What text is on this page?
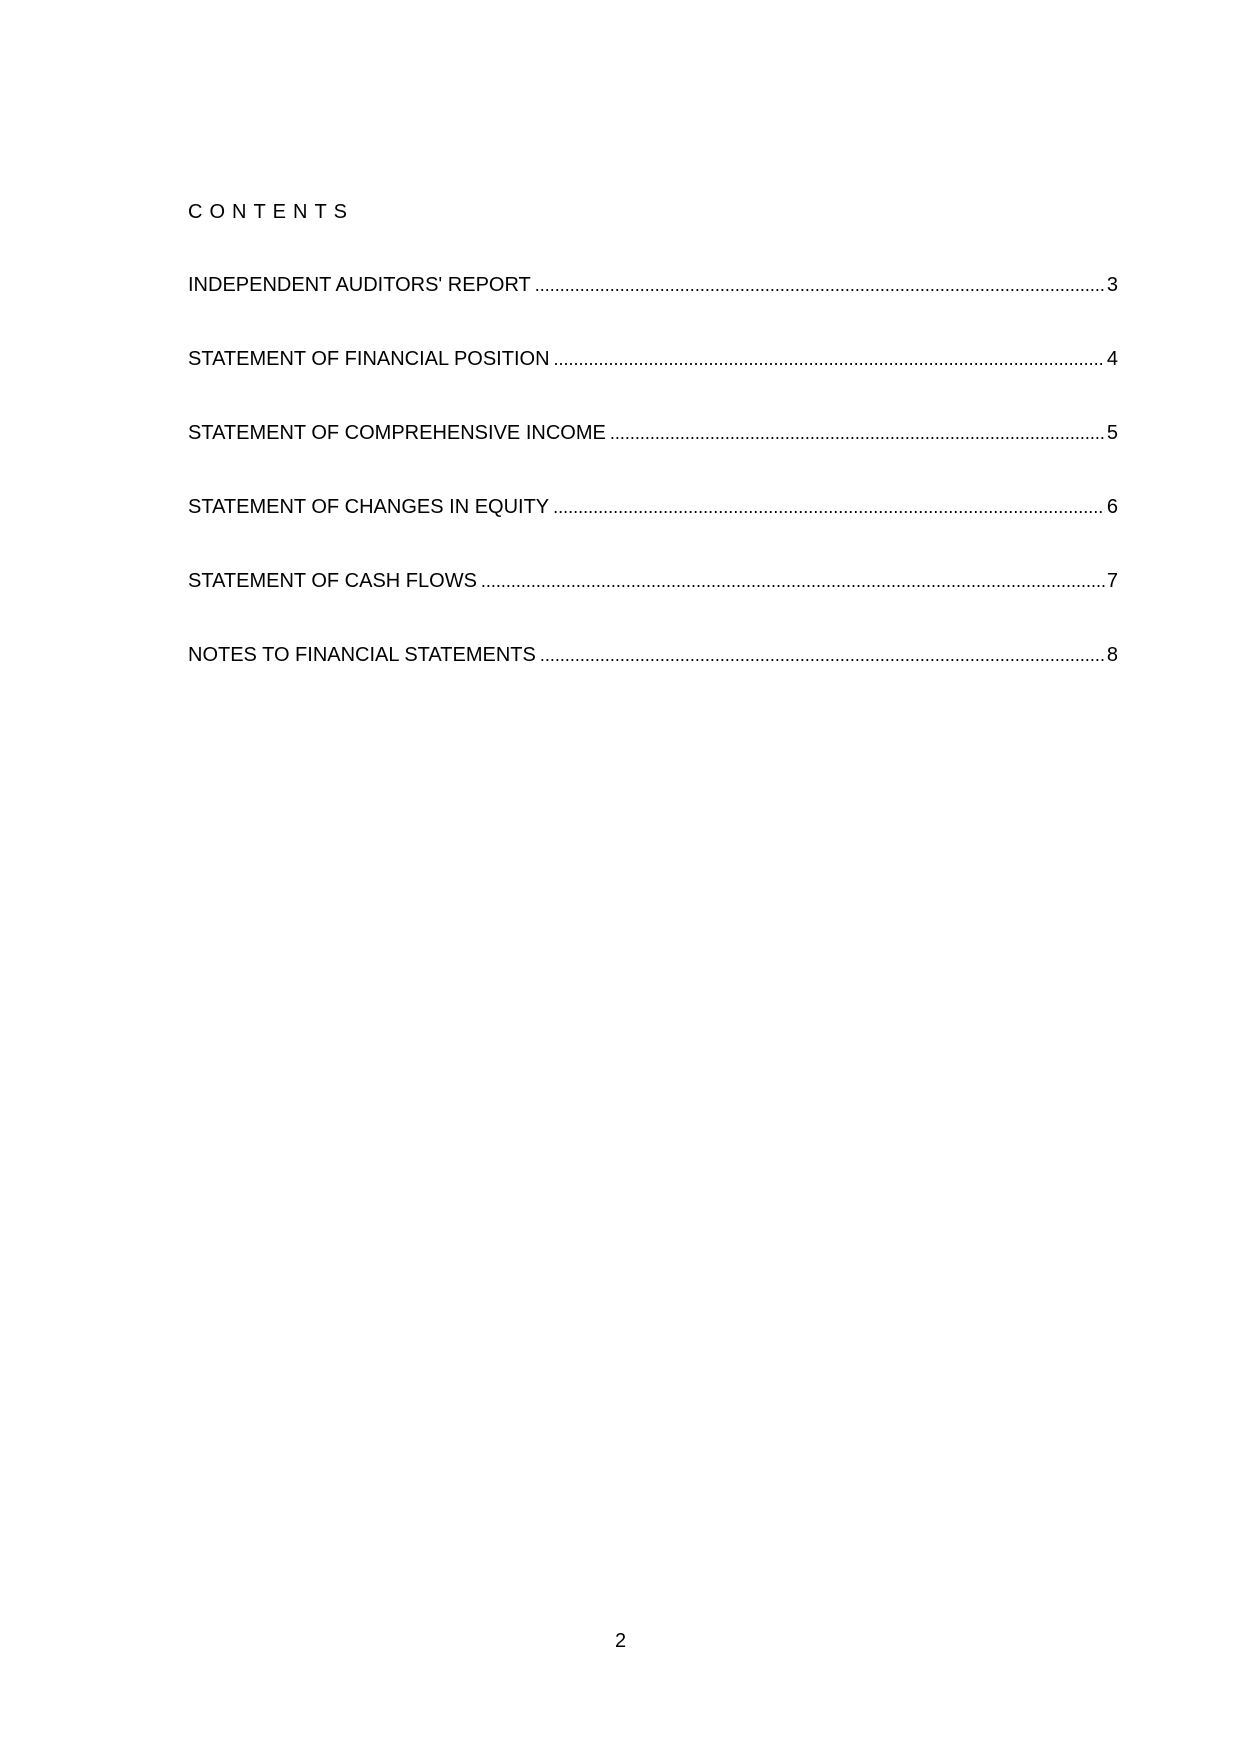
CONTENTS
INDEPENDENT AUDITORS' REPORT .....	3
STATEMENT OF FINANCIAL POSITION .....	4
STATEMENT OF COMPREHENSIVE INCOME .....	5
STATEMENT OF CHANGES IN EQUITY .....	6
STATEMENT OF CASH FLOWS .....	7
NOTES TO FINANCIAL STATEMENTS .....	8
2
